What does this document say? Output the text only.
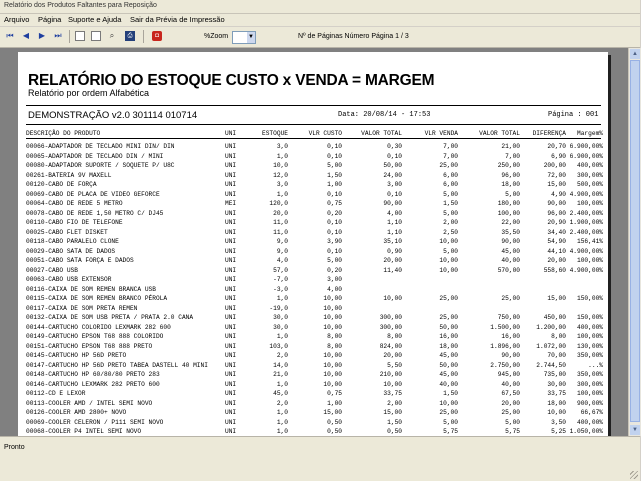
Relatório dos Produtos Faltantes para Reposição
Arquivo Página Suporte e Ajuda Sair da Prévia de Impressão
⏮ ◀ ▶ ⏭	⌕	⎙	◘	%Zoom	▼	Nº de Páginas Número Página 1 / 3
RELATÓRIO DO ESTOQUE CUSTO x VENDA = MARGEM
Relatório por ordem Alfabética
DEMONSTRAÇÃO v2.0 301114 010714	Data: 20/08/14 - 17:53	Página : 001
DESCRIÇÃO DO PRODUTO	UNI	ESTOQUE	VLR CUSTO	VALOR TOTAL	VLR VENDA	VALOR TOTAL	DIFERENÇA	Margem%
00066-ADAPTADOR DE TECLADO MINI DIN/ DIN	UNI	3,0	0,10	0,30	7,00	21,00	20,70 6.900,00%
00065-ADAPTADOR DE TECLADO DIN / MINI	UNI	1,0	0,10	0,10	7,00	7,00	6,90 6.900,00%
00080-ADAPTADOR SUPORTE / SOQUETE P/ U8C	UNI	10,0	5,00	50,00	25,00	250,00	200,00	400,00%
00261-BATERIA 9V MAXELL	UNI	12,0	1,50	24,00	6,00	96,00	72,00	300,00%
00120-CABO DE FORÇA	UNI	3,0	1,00	3,00	6,00	18,00	15,00	500,00%
00069-CABO DE PLACA DE VIDEO GEFORCE	UNI	1,0	0,10	0,10	5,00	5,00	4,90 4.900,00%
00064-CABO DE REDE 5 METRO	MEI	120,0	0,75	90,00	1,50	180,00	90,00	100,00%
00078-CABO DE REDE 1,50 METRO C/ DJ45	UNI	20,0	0,20	4,00	5,00	100,00	96,00 2.400,00%
00110-CABO FIO DE TELEFONE	UNI	11,0	0,10	1,10	2,00	22,00	20,90 1.900,00%
00025-CABO FLET DISKET	UNI	11,0	0,10	1,10	2,50	35,50	34,40 2.400,00%
00118-CABO PARALELO CLONE	UNI	9,0	3,90	35,10	10,00	90,00	54,90	156,41%
00029-CABO SATA DE DADOS	UNI	9,0	0,10	0,90	5,00	45,00	44,10 4.900,00%
00051-CABO SATA FORÇA E DADOS	UNI	4,0	5,00	20,00	10,00	40,00	20,00	100,00%
00027-CABO USB	UNI	57,0	0,20	11,40	10,00	570,00	558,60 4.900,00%
00063-CABO USB EXTENSOR	UNI	-7,0	3,00
00116-CAIXA DE SOM REMEN BRANCA USB	UNI	-3,0	4,00
00115-CAIXA DE SOM REMEN BRANCO PÉROLA	UNI	1,0	10,00	10,00	25,00	25,00	15,00	150,00%
00117-CAIXA DE SOM PRETA REMEN	UNI	-19,0	10,00
00132-CAIXA DE SOM USB PRETA / PRATA 2.0 CANA	UNI	30,0	10,00	300,00	25,00	750,00	450,00	150,00%
00144-CARTUCHO COLORIDO LEXMARK 282 600	UNI	30,0	10,00	300,00	50,00	1.500,00	1.200,00	400,00%
00149-CARTUCHO EPSON T68 888 COLORIDO	UNI	1,0	8,00	8,00	16,00	16,00	8,00	100,00%
00151-CARTUCHO EPSON T68 888 PRETO	UNI	103,0	8,00	824,00	18,00	1.896,00	1.072,00	130,00%
00145-CARTUCHO HP 56D PRETO	UNI	2,0	10,00	20,00	45,00	90,00	70,00	350,00%
00147-CARTUCHO HP 56D PRETO TABEA DASTELL 40 MINI	UNI	14,0	10,00	5,50	50,00	2.750,00	2.744,50	...%
00148-CARTUCHO HP 60/80/80 PRETO 283	UNI	21,0	10,00	210,00	45,00	945,00	735,00	350,00%
00146-CARTUCHO LEXMARK 282 PRETO 600	UNI	1,0	10,00	10,00	40,00	40,00	30,00	300,00%
00112-CD E LEXOR	UNI	45,0	0,75	33,75	1,50	67,50	33,75	100,00%
00113-COOLER AMD / INTEL SEMI NOVO	UNI	2,0	1,00	2,00	10,00	20,00	18,00	900,00%
00126-COOLER AMD 2800+ NOVO	UNI	1,0	15,00	15,00	25,00	25,00	10,00	66,67%
00069-COOLER CELERON / P111 SEMI NOVO	UNI	1,0	0,50	1,50	5,00	5,00	3,50	400,00%
00068-COOLER P4 INTEL SEMI NOVO	UNI	1,0	0,50	0,50	5,75	5,75	5,25 1.050,00%
▲
▼
Pronto
